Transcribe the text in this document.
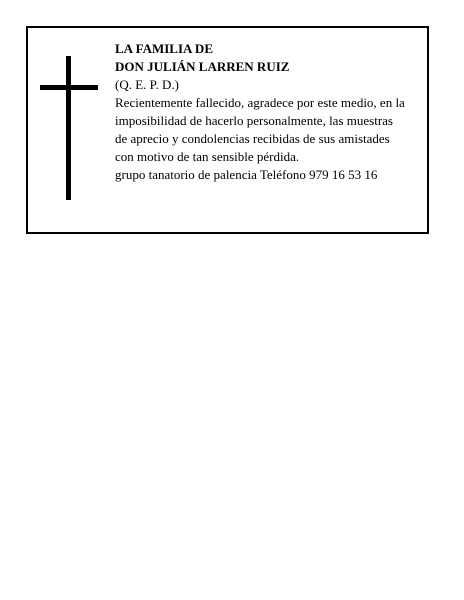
LA FAMILIA DE
DON JULIÁN LARREN RUIZ
(Q. E. P. D.)
Recientemente fallecido, agradece por este medio, en la
imposibilidad de hacerlo personalmente, las muestras
de aprecio y condolencias recibidas de sus amistades
con motivo de tan sensible pérdida.
grupo tanatorio de palencia Teléfono 979 16 53 16
